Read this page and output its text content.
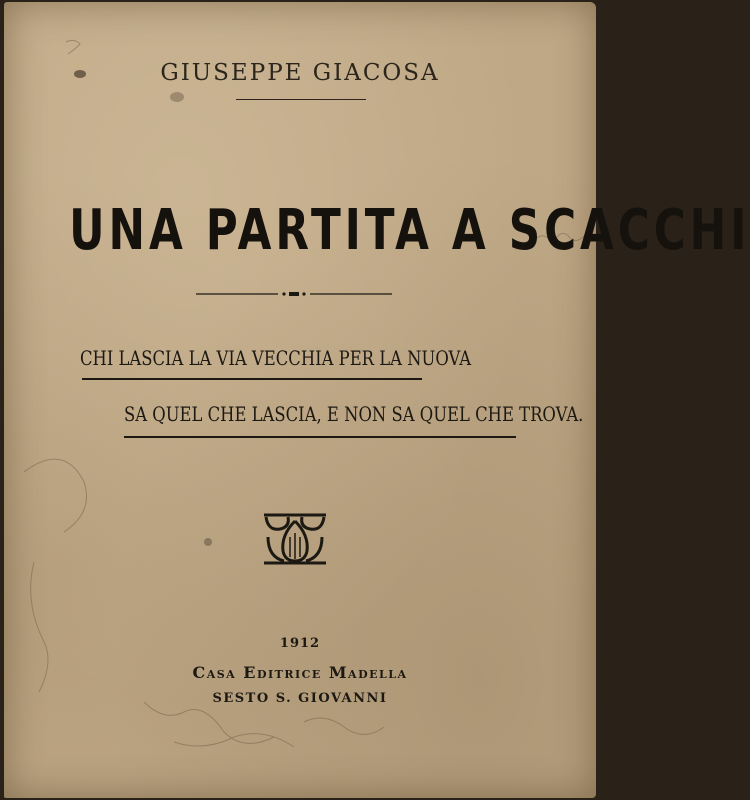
GIUSEPPE GIACOSA
UNA PARTITA A SCACCHI
CHI LASCIA LA VIA VECCHIA PER LA NUOVA
SA QUEL CHE LASCIA, E NON SA QUEL CHE TROVA.
1912
Casa Editrice Madella
SESTO S. GIOVANNI
